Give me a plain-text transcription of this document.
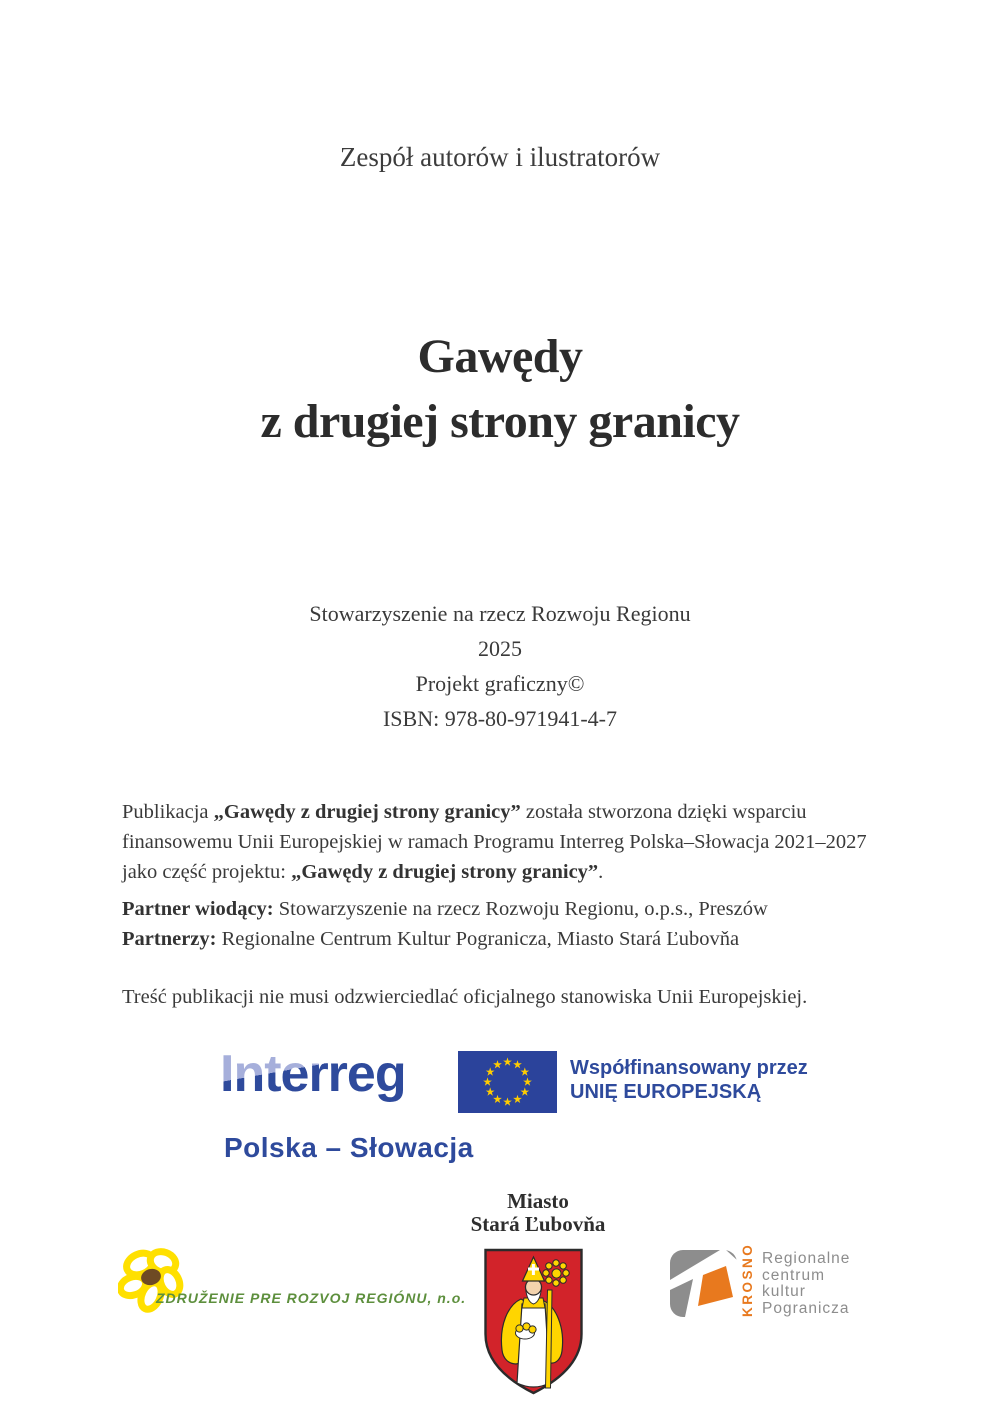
Zespół autorów i ilustratorów
Gawędy
z drugiej strony granicy
Stowarzyszenie na rzecz Rozwoju Regionu
2025
Projekt graficzny©
ISBN: 978-80-971941-4-7

Publikacja „Gawędy z drugiej strony granicy” została stworzona dzięki wsparciu finansowemu Unii Europejskiej w ramach Programu Interreg Polska–Słowacja 2021–2027 jako część projektu: „Gawędy z drugiej strony granicy”.

Partner wiodący: Stowarzyszenie na rzecz Rozwoju Regionu, o.p.s., Preszów
Partnerzy: Regionalne Centrum Kultur Pogranicza, Miasto Stará Ľubovňa
Treść publikacji nie musi odzwierciedlać oficjalnego stanowiska Unii Europejskiej.
Interreg	Współfinansowany przez
UNIĘ EUROPEJSKĄ
Polska – Słowacja
Miasto
Stará Ľubovňa
ZDRUŽENIE PRE ROZVOJ REGIÓNU, n.o.	KROSNO Regionalne
centrum
kultur
Pogranicza
